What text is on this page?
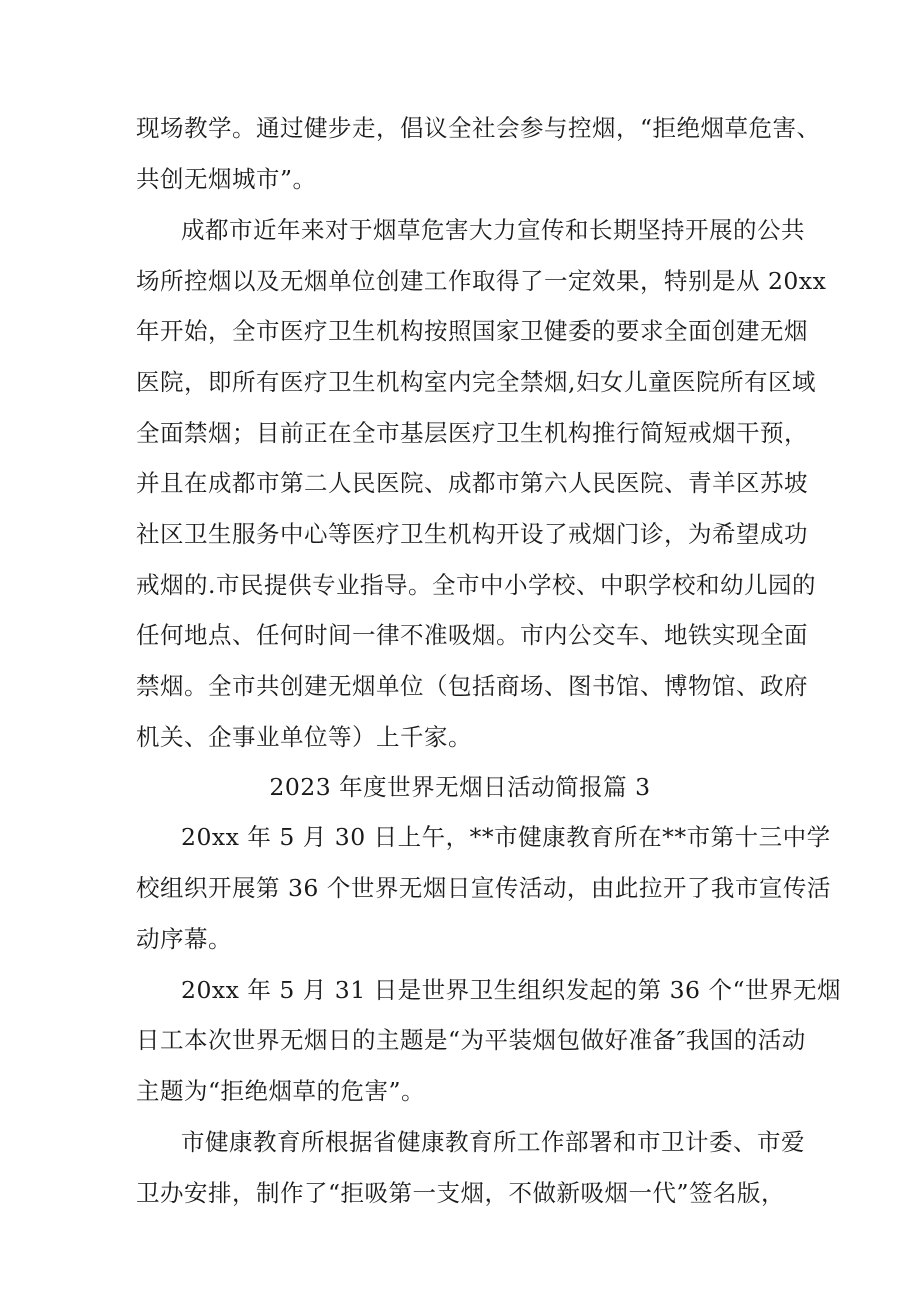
现场教学。通过健步走，倡议全社会参与控烟，“拒绝烟草危害、
共创无烟城市”。
成都市近年来对于烟草危害大力宣传和长期坚持开展的公共
场所控烟以及无烟单位创建工作取得了一定效果，特别是从 20xx
年开始，全市医疗卫生机构按照国家卫健委的要求全面创建无烟
医院，即所有医疗卫生机构室内完全禁烟,妇女儿童医院所有区域
全面禁烟；目前正在全市基层医疗卫生机构推行简短戒烟干预，
并且在成都市第二人民医院、成都市第六人民医院、青羊区苏坡
社区卫生服务中心等医疗卫生机构开设了戒烟门诊，为希望成功
戒烟的.市民提供专业指导。全市中小学校、中职学校和幼儿园的
任何地点、任何时间一律不准吸烟。市内公交车、地铁实现全面
禁烟。全市共创建无烟单位（包括商场、图书馆、博物馆、政府
机关、企事业单位等）上千家。
2023 年度世界无烟日活动简报篇 3
20xx 年 5 月 30 日上午，**市健康教育所在**市第十三中学
校组织开展第 36 个世界无烟日宣传活动，由此拉开了我市宣传活
动序幕。
20xx 年 5 月 31 日是世界卫生组织发起的第 36 个“世界无烟
日工本次世界无烟日的主题是“为平装烟包做好准备″我国的活动
主题为“拒绝烟草的危害”。
市健康教育所根据省健康教育所工作部署和市卫计委、市爱
卫办安排，制作了“拒吸第一支烟，不做新吸烟一代”签名版，
